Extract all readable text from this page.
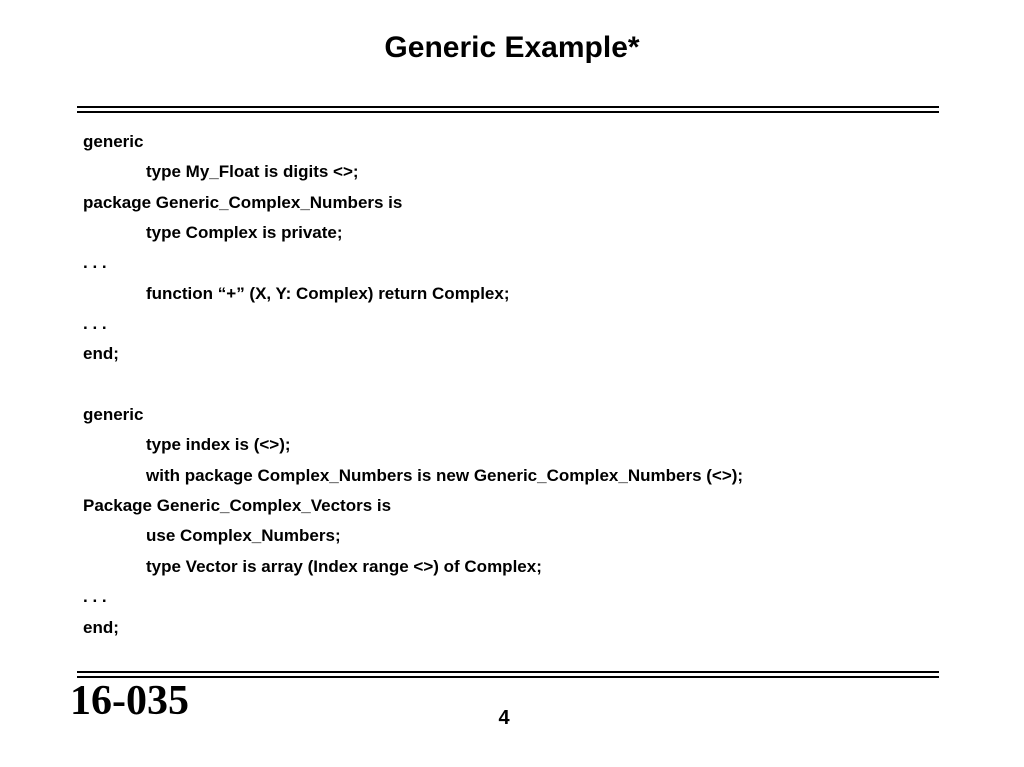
Generic Example*
generic
type My_Float is digits <>;
package Generic_Complex_Numbers is
type Complex is private;
. . .
function “+” (X, Y: Complex) return Complex;
. . .
end;
generic
type index is (<>);
with package Complex_Numbers is new Generic_Complex_Numbers (<>);
Package Generic_Complex_Vectors is
use Complex_Numbers;
type Vector is array (Index range <>) of Complex;
. . .
end;
16-035	4
